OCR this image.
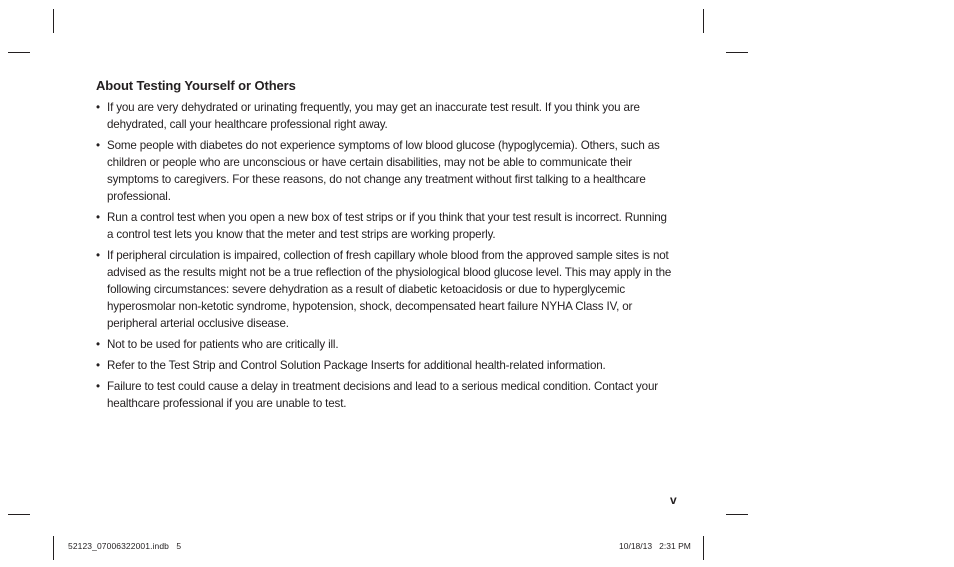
About Testing Yourself or Others
• If you are very dehydrated or urinating frequently, you may get an inaccurate test result. If you think you are dehydrated, call your healthcare professional right away.
• Some people with diabetes do not experience symptoms of low blood glucose (hypoglycemia). Others, such as children or people who are unconscious or have certain disabilities, may not be able to communicate their symptoms to caregivers. For these reasons, do not change any treatment without first talking to a healthcare professional.
• Run a control test when you open a new box of test strips or if you think that your test result is incorrect. Running a control test lets you know that the meter and test strips are working properly.
• If peripheral circulation is impaired, collection of fresh capillary whole blood from the approved sample sites is not advised as the results might not be a true reflection of the physiological blood glucose level. This may apply in the following circumstances: severe dehydration as a result of diabetic ketoacidosis or due to hyperglycemic hyperosmolar non-ketotic syndrome, hypotension, shock, decompensated heart failure NYHA Class IV, or peripheral arterial occlusive disease.
• Not to be used for patients who are critically ill.
• Refer to the Test Strip and Control Solution Package Inserts for additional health-related information.
• Failure to test could cause a delay in treatment decisions and lead to a serious medical condition. Contact your healthcare professional if you are unable to test.
v
52123_07006322001.indb   5	10/18/13   2:31 PM
